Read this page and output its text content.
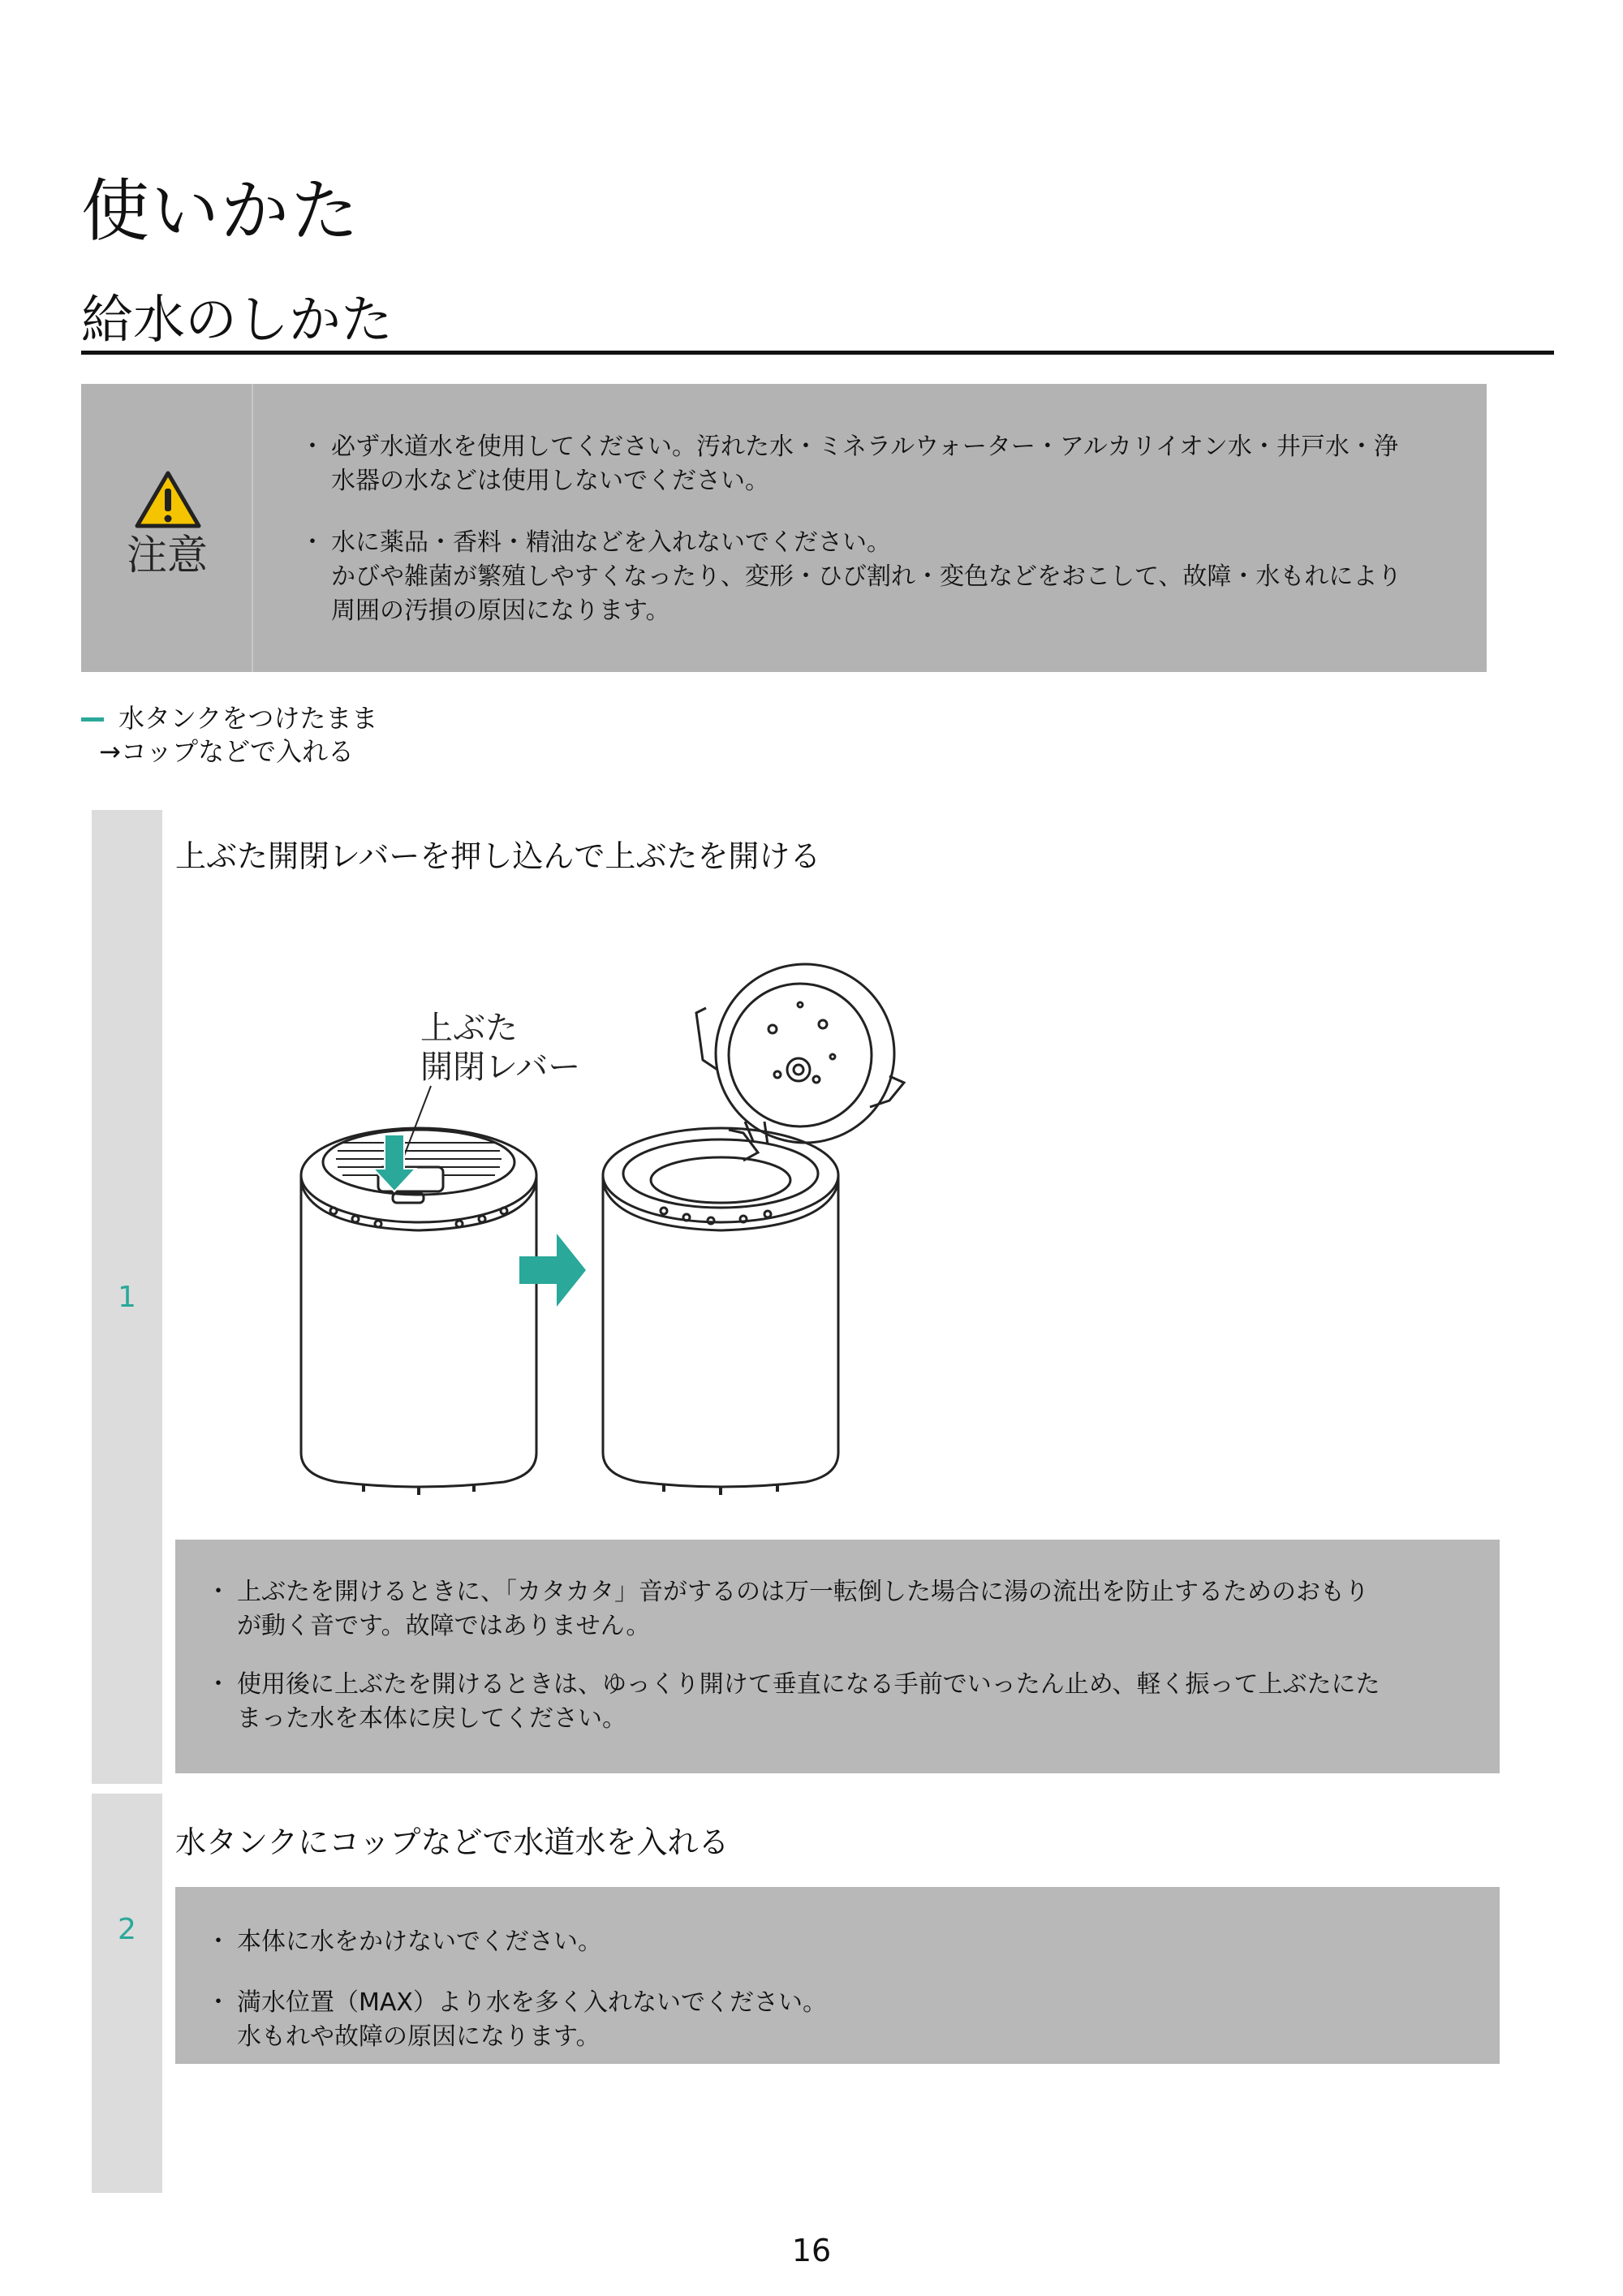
使いかた
給水のしかた
注意
・ 必ず水道水を使用してください。汚れた水・ミネラルウォーター・アルカリイオン水・井戸水・浄
水器の水などは使用しないでください。
・ 水に薬品・香料・精油などを入れないでください。
かびや雑菌が繁殖しやすくなったり、変形・ひび割れ・変色などをおこして、故障・水もれにより
周囲の汚損の原因になります。
水タンクをつけたまま
→コップなどで入れる
1
上ぶた開閉レバーを押し込んで上ぶたを開ける
上ぶた
開閉レバー
・ 上ぶたを開けるときに、「カタカタ」音がするのは万一転倒した場合に湯の流出を防止するためのおもり
が動く音です。故障ではありません。
・ 使用後に上ぶたを開けるときは、ゆっくり開けて垂直になる手前でいったん止め、軽く振って上ぶたにた
まった水を本体に戻してください。
2
水タンクにコップなどで水道水を入れる
・ 本体に水をかけないでください。
・ 満水位置（MAX）より水を多く入れないでください。
水もれや故障の原因になります。
16
